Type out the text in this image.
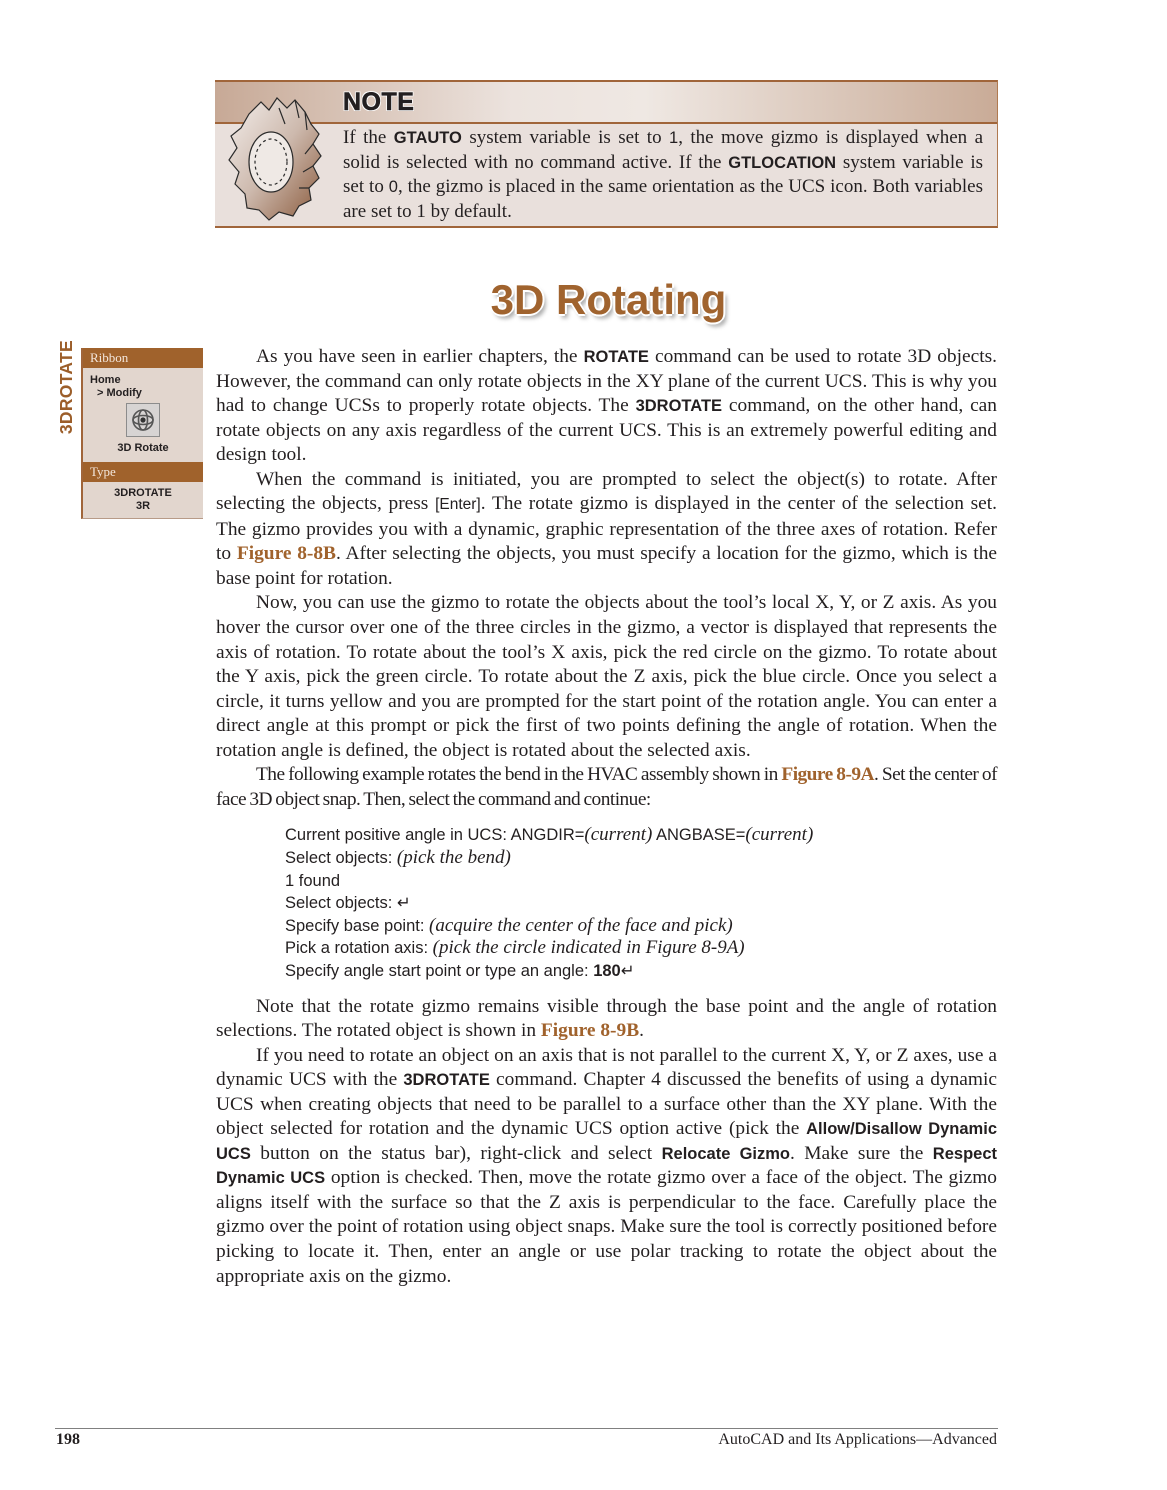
NOTE
If the GTAUTO system variable is set to 1, the move gizmo is displayed when a solid is selected with no command active. If the GTLOCATION system variable is set to 0, the gizmo is placed in the same orientation as the UCS icon. Both variables are set to 1 by default.
3D Rotating
3DROTATE	Ribbon
Home
> Modify
3D Rotate
Type
3DROTATE
3R

As you have seen in earlier chapters, the ROTATE command can be used to rotate 3D objects. However, the command can only rotate objects in the XY plane of the current UCS. This is why you had to change UCSs to properly rotate objects. The 3DROTATE command, on the other hand, can rotate objects on any axis regardless of the current UCS. This is an extremely powerful editing and design tool.

When the command is initiated, you are prompted to select the object(s) to rotate. After selecting the objects, press [Enter]. The rotate gizmo is displayed in the center of the selection set. The gizmo provides you with a dynamic, graphic representation of the three axes of rotation. Refer to Figure 8-8B. After selecting the objects, you must specify a location for the gizmo, which is the base point for rotation.

Now, you can use the gizmo to rotate the objects about the tool’s local X, Y, or Z axis. As you hover the cursor over one of the three circles in the gizmo, a vector is displayed that represents the axis of rotation. To rotate about the tool’s X axis, pick the red circle on the gizmo. To rotate about the Y axis, pick the green circle. To rotate about the Z axis, pick the blue circle. Once you select a circle, it turns yellow and you are prompted for the start point of the rotation angle. You can enter a direct angle at this prompt or pick the first of two points defining the angle of rotation. When the rotation angle is defined, the object is rotated about the selected axis.

The following example rotates the bend in the HVAC assembly shown in Figure 8-9A. Set the center of face 3D object snap. Then, select the command and continue:

Current positive angle in UCS: ANGDIR=(current) ANGBASE=(current)
Select objects: (pick the bend)
1 found
Select objects: ↵
Specify base point: (acquire the center of the face and pick)
Pick a rotation axis: (pick the circle indicated in Figure 8-9A)
Specify angle start point or type an angle: 180↵

Note that the rotate gizmo remains visible through the base point and the angle of rotation selections. The rotated object is shown in Figure 8-9B.

If you need to rotate an object on an axis that is not parallel to the current X, Y, or Z axes, use a dynamic UCS with the 3DROTATE command. Chapter 4 discussed the benefits of using a dynamic UCS when creating objects that need to be parallel to a surface other than the XY plane. With the object selected for rotation and the dynamic UCS option active (pick the Allow/Disallow Dynamic UCS button on the status bar), right-click and select Relocate Gizmo. Make sure the Respect Dynamic UCS option is checked. Then, move the rotate gizmo over a face of the object. The gizmo aligns itself with the surface so that the Z axis is perpendicular to the face. Carefully place the gizmo over the point of rotation using object snaps. Make sure the tool is correctly positioned before picking to locate it. Then, enter an angle or use polar tracking to rotate the object about the appropriate axis on the gizmo.

198	AutoCAD and Its Applications—Advanced
